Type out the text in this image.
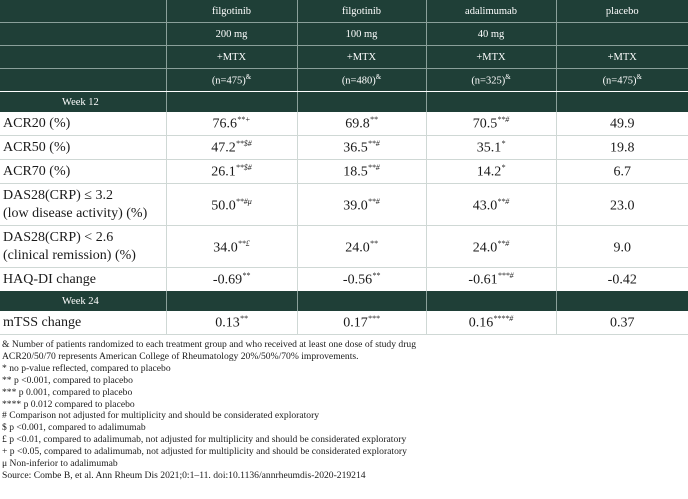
	filgotinib	filgotinib	adalimumab	placebo
	200 mg	100 mg	40 mg	
	+MTX	+MTX	+MTX	+MTX
	(n=475)&	(n=480)&	(n=325)&	(n=475)&
Week 12				
ACR20 (%)	76.6**+	69.8**	70.5**#	49.9
ACR50 (%)	47.2**$#	36.5**#	35.1*	19.8
ACR70 (%)	26.1**$#	18.5**#	14.2*	6.7

DAS28(CRP) ≤ 3.2
(low disease activity) (%)	$50.0^{**\#\mu}$	39.0**#	43.0**#	23.0

DAS28(CRP) < 2.6
(clinical remission) (%)	34.0**£	24.0**	24.0**#	9.0
HAQ-DI change	-0.69**	-0.56**	-0.61***#	-0.42
Week 24				
mTSS change	0.13**	0.17***	0.16****#	0.37
& Number of patients randomized to each treatment group and who received at least one dose of study drug
ACR20/50/70 represents American College of Rheumatology 20%/50%/70% improvements.
* no p-value reflected, compared to placebo
** p <0.001, compared to placebo
*** p 0.001, compared to placebo
**** p 0.012 compared to placebo
# Comparison not adjusted for multiplicity and should be considerated exploratory
$ p <0.001, compared to adalimumab
£ p <0.01, compared to adalimumab, not adjusted for multiplicity and should be considerated exploratory
+ p <0.05, compared to adalimumab, not adjusted for multiplicity and should be considerated exploratory
μ Non-inferior to adalimumab
Source: Combe B, et al. Ann Rheum Dis 2021;0:1–11. doi:10.1136/annrheumdis-2020-219214
